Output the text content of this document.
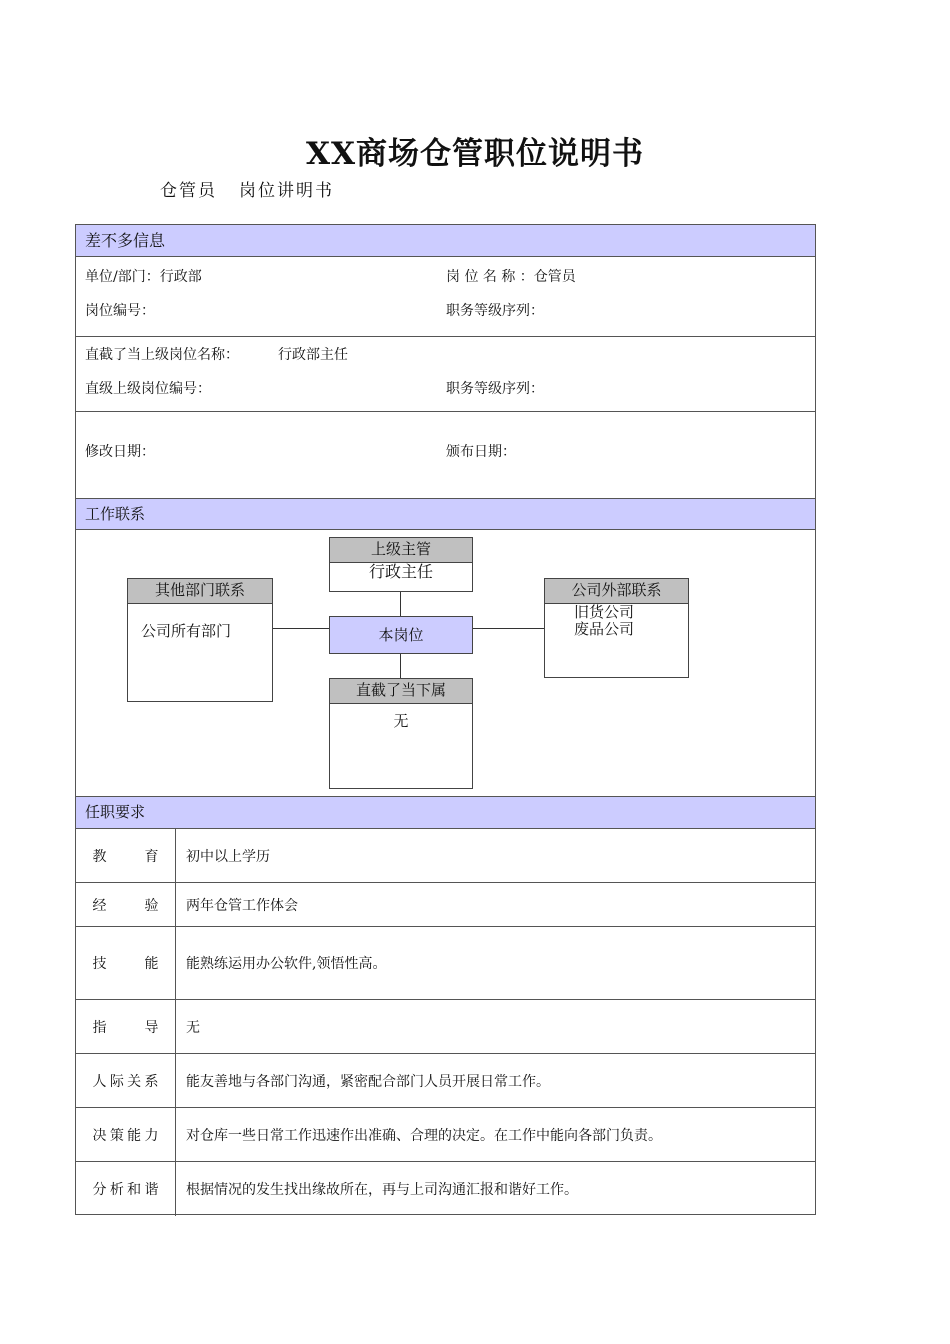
XX商场仓管职位说明书
仓管员 岗位讲明书
差不多信息
单位/部门：行政部	岗 位 名 称 ：仓管员
岗位编号：	职务等级序列：
直截了当上级岗位名称：	行政部主任
直级上级岗位编号：	职务等级序列：
修改日期：	颁布日期：
工作联系
上级主管
行政主任
本岗位
其他部门联系
公司所有部门
公司外部联系
旧货公司
废品公司
直截了当下属
无
任职要求
教育	初中以上学历
经验	两年仓管工作体会
技能	能熟练运用办公软件,领悟性高。
指导	无
人际关系	能友善地与各部门沟通，紧密配合部门人员开展日常工作。
决策能力	对仓库一些日常工作迅速作出准确、合理的决定。在工作中能向各部门负责。
分析和谐	根据情况的发生找出缘故所在，再与上司沟通汇报和谐好工作。
